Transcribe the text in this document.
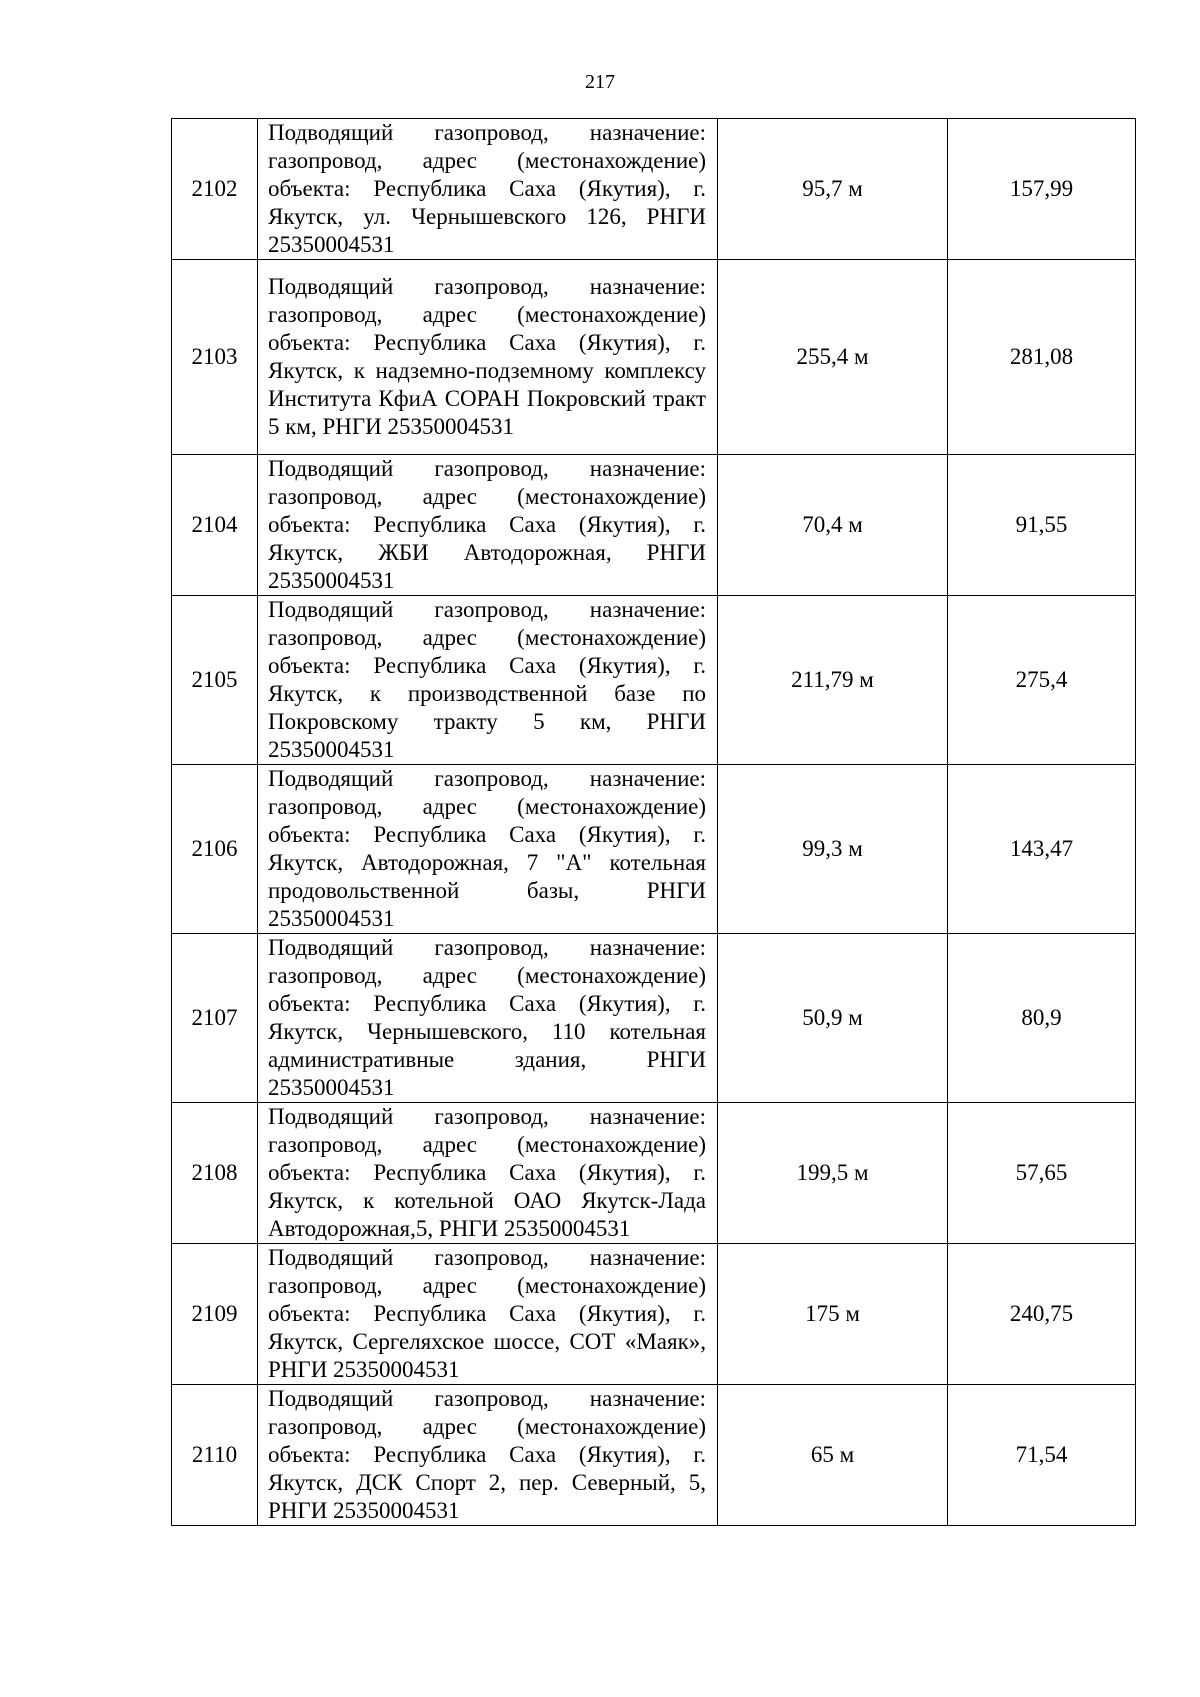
217
2102	Подводящий газопровод, назначение: газопровод, адрес (местонахождение) объекта: Республика Саха (Якутия), г. Якутск, ул. Чернышевского 126, РНГИ 25350004531	95,7 м	157,99
2103	Подводящий газопровод, назначение: газопровод, адрес (местонахождение) объекта: Республика Саха (Якутия), г. Якутск, к надземно-подземному комплексу Института КфиА СОРАН Покровский тракт 5 км, РНГИ 25350004531	255,4 м	281,08
2104	Подводящий газопровод, назначение: газопровод, адрес (местонахождение) объекта: Республика Саха (Якутия), г. Якутск, ЖБИ Автодорожная, РНГИ 25350004531	70,4 м	91,55
2105	Подводящий газопровод, назначение: газопровод, адрес (местонахождение) объекта: Республика Саха (Якутия), г. Якутск, к производственной базе по Покровскому тракту 5 км, РНГИ 25350004531	211,79 м	275,4
2106	Подводящий газопровод, назначение: газопровод, адрес (местонахождение) объекта: Республика Саха (Якутия), г. Якутск, Автодорожная, 7 "А" котельная продовольственной базы, РНГИ 25350004531	99,3 м	143,47
2107	Подводящий газопровод, назначение: газопровод, адрес (местонахождение) объекта: Республика Саха (Якутия), г. Якутск, Чернышевского, 110 котельная административные здания, РНГИ 25350004531	50,9 м	80,9
2108	Подводящий газопровод, назначение: газопровод, адрес (местонахождение) объекта: Республика Саха (Якутия), г. Якутск, к котельной ОАО Якутск-Лада Автодорожная,5, РНГИ 25350004531	199,5 м	57,65
2109	Подводящий газопровод, назначение: газопровод, адрес (местонахождение) объекта: Республика Саха (Якутия), г. Якутск, Сергеляхское шоссе, СОТ «Маяк», РНГИ 25350004531	175 м	240,75
2110	Подводящий газопровод, назначение: газопровод, адрес (местонахождение) объекта: Республика Саха (Якутия), г. Якутск, ДСК Спорт 2, пер. Северный, 5, РНГИ 25350004531	65 м	71,54
